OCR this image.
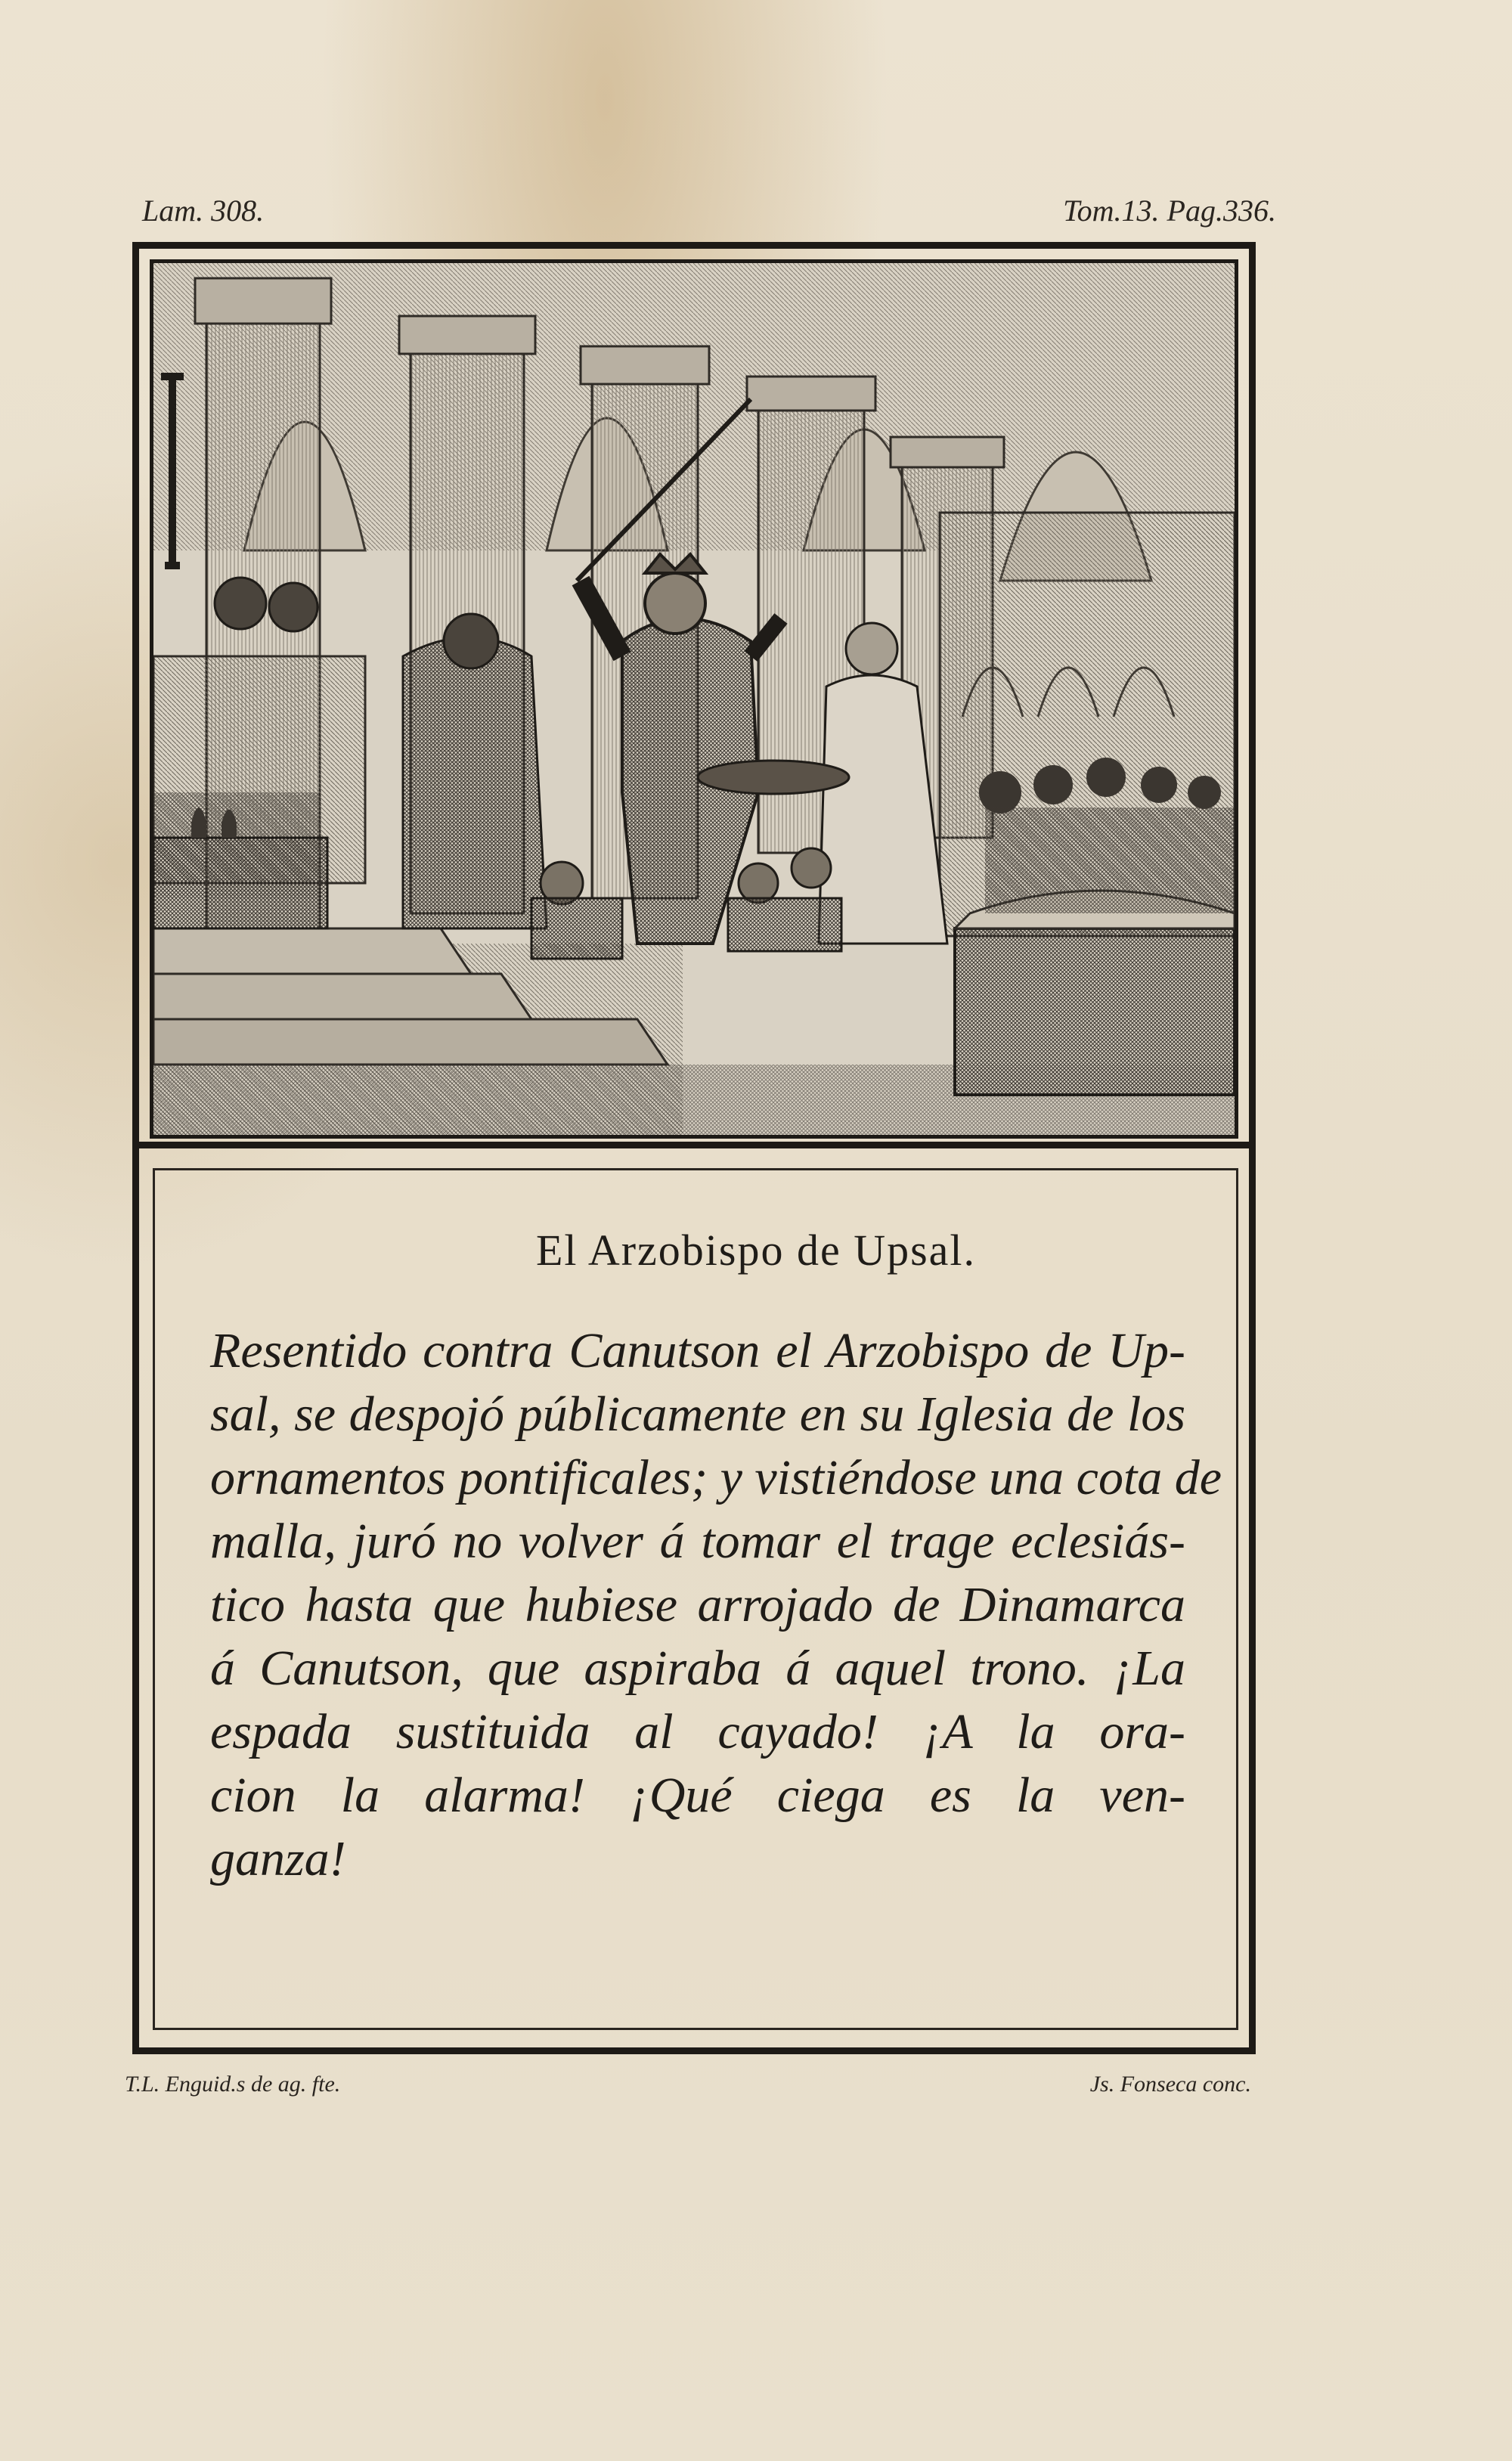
Lam. 308.	Tom.13. Pag.336.
El Arzobispo de Upsal.
Resentido contra Canutson el Arzobispo de Up-
sal, se despojó públicamente en su Iglesia de los
ornamentos pontificales; y vistiéndose una cota de
malla, juró no volver á tomar el trage eclesiás-
tico hasta que hubiese arrojado de Dinamarca
á Canutson, que aspiraba á aquel trono. ¡La
espada sustituida al cayado! ¡A la ora-
cion la alarma! ¡Qué ciega es la ven-
ganza!
T.L. Enguid.s de ag. fte.	Js. Fonseca conc.
